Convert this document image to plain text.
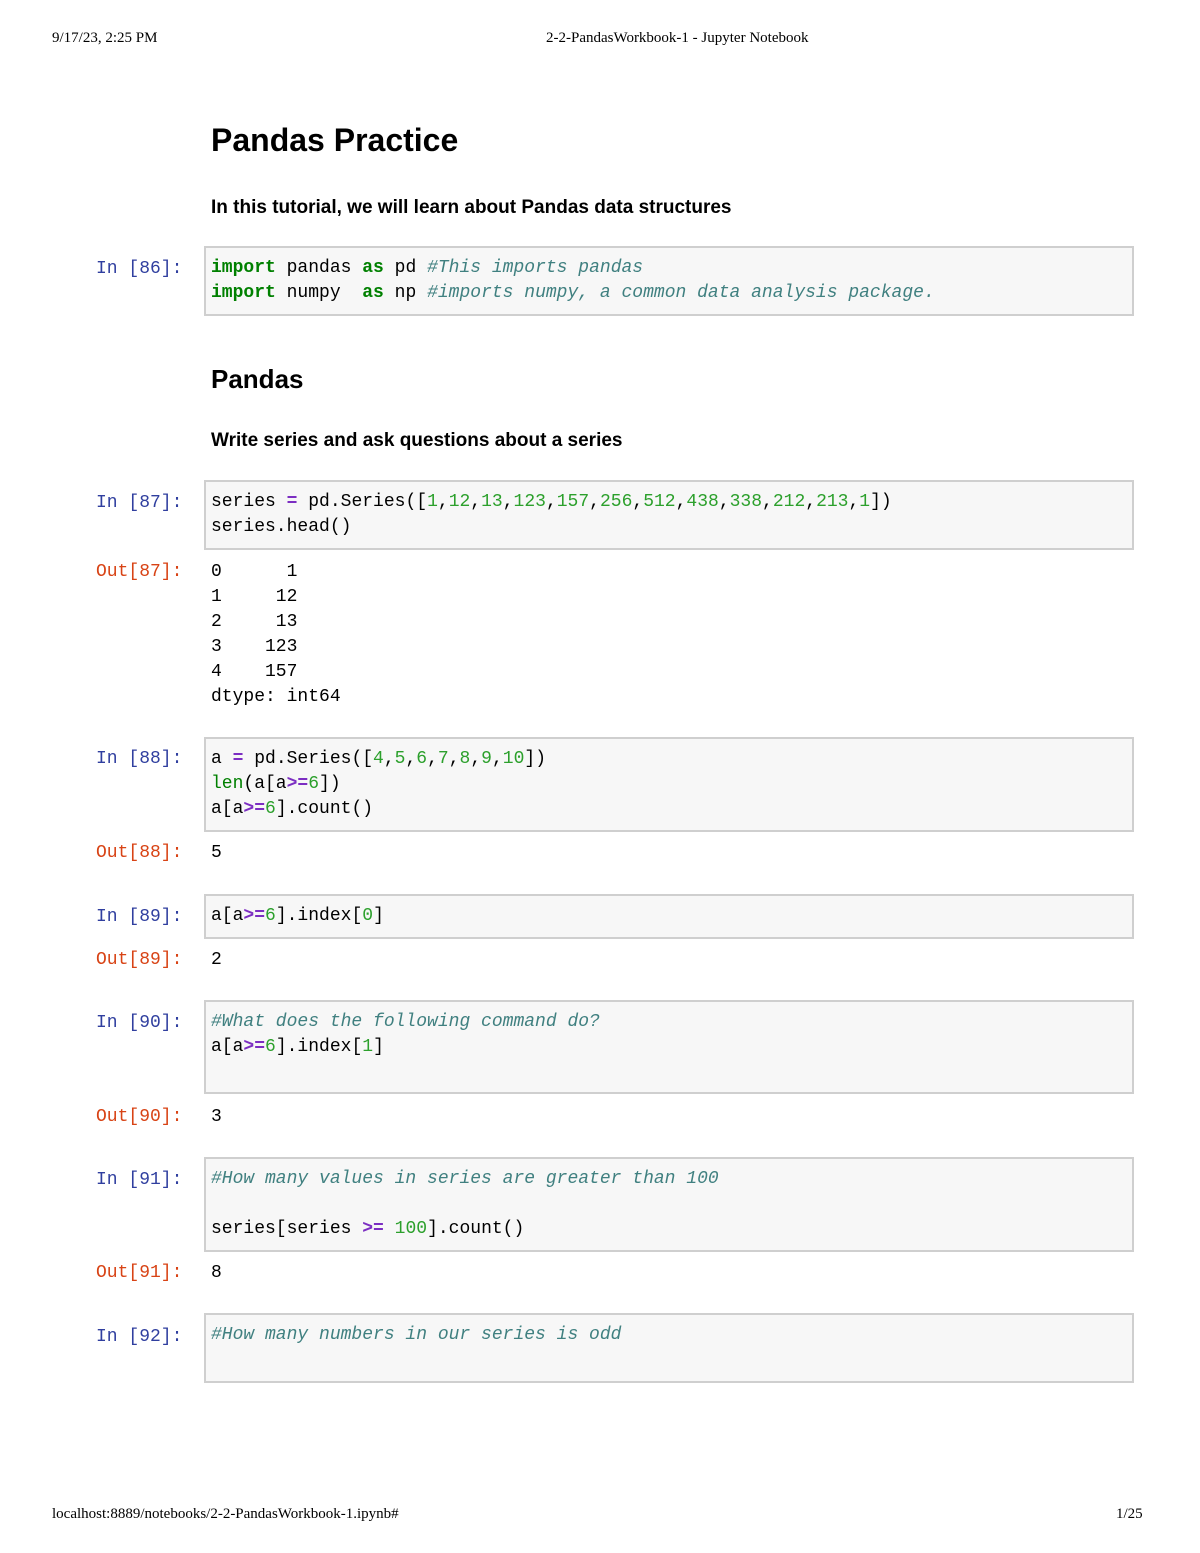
9/17/23, 2:25 PM	2-2-PandasWorkbook-1 - Jupyter Notebook
localhost:8889/notebooks/2-2-PandasWorkbook-1.ipynb#	1/25
Pandas Practice

In this tutorial, we will learn about Pandas data structures

Pandas

Write series and ask questions about a series

In [86]:	import pandas as pd #This imports pandas
import numpy  as np #imports numpy, a common data analysis package.
In [87]:	series = pd.Series([1,12,13,123,157,256,512,438,338,212,213,1])
series.head()
Out[87]:	0      1
1     12
2     13
3    123
4    157
dtype: int64
In [88]:	a = pd.Series([4,5,6,7,8,9,10])
len(a[a>=6])
a[a>=6].count()
Out[88]:	5
In [89]:	a[a>=6].index[0]
Out[89]:	2
In [90]:	#What does the following command do?
a[a>=6].index[1]

Out[90]:	3
In [91]:	#How many values in series are greater than 100

series[series >= 100].count()
Out[91]:	8
In [92]:	#How many numbers in our series is odd
